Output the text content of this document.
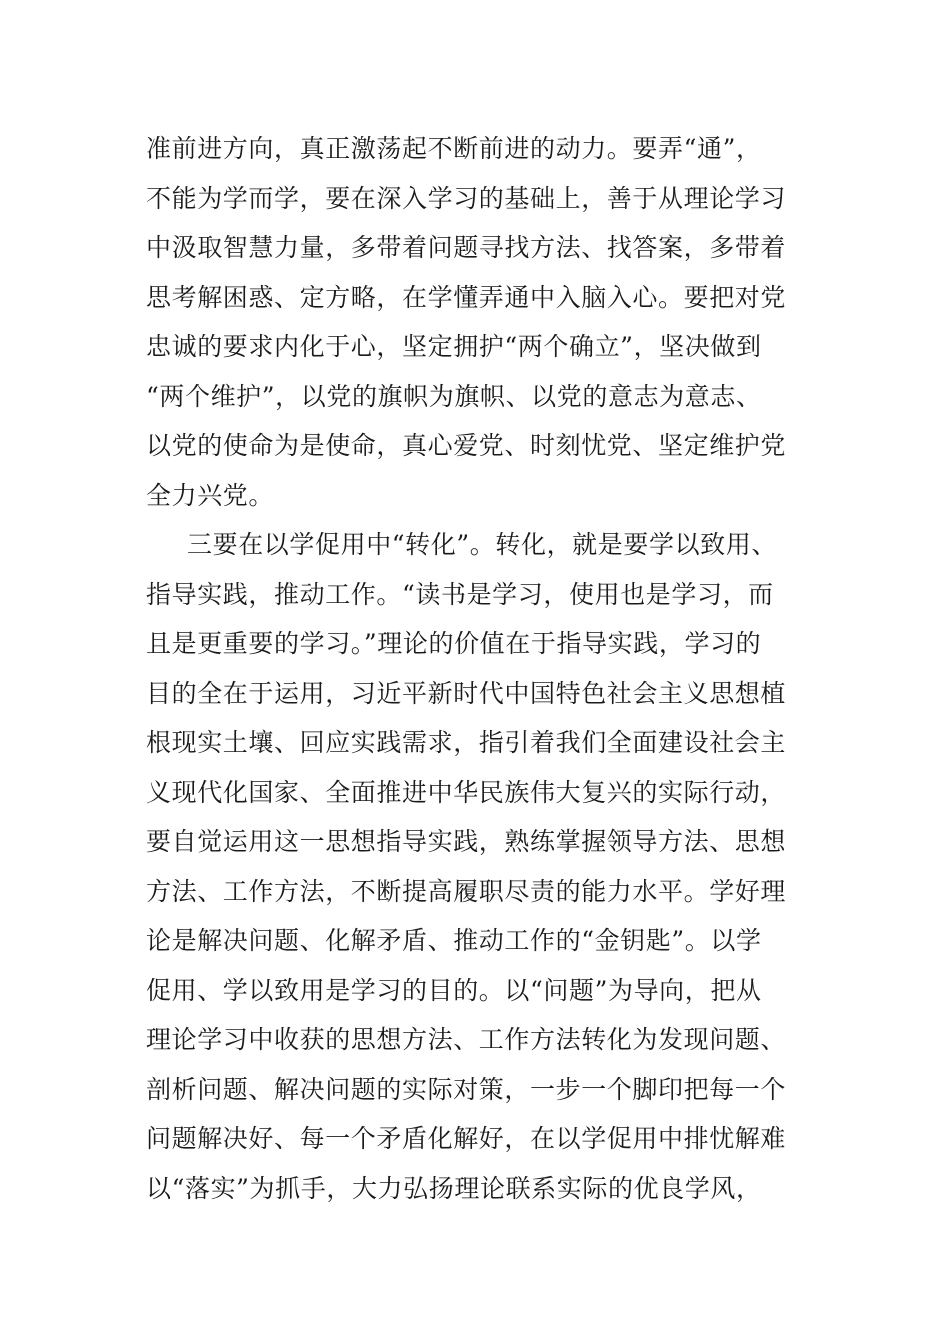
准前进方向，真正激荡起不断前进的动力。要弄“通”，
不能为学而学，要在深入学习的基础上，善于从理论学习
中汲取智慧力量，多带着问题寻找方法、找答案，多带着
思考解困惑、定方略，在学懂弄通中入脑入心。要把对党
忠诚的要求内化于心，坚定拥护“两个确立”，坚决做到
“两个维护”，以党的旗帜为旗帜、以党的意志为意志、
以党的使命为是使命，真心爱党、时刻忧党、坚定维护党
全力兴党。
三要在以学促用中“转化”。转化，就是要学以致用、
指导实践，推动工作。“读书是学习，使用也是学习，而
且是更重要的学习。”理论的价值在于指导实践，学习的
目的全在于运用，习近平新时代中国特色社会主义思想植
根现实土壤、回应实践需求，指引着我们全面建设社会主
义现代化国家、全面推进中华民族伟大复兴的实际行动，
要自觉运用这一思想指导实践，熟练掌握领导方法、思想
方法、工作方法，不断提高履职尽责的能力水平。学好理
论是解决问题、化解矛盾、推动工作的“金钥匙”。以学
促用、学以致用是学习的目的。以“问题”为导向，把从
理论学习中收获的思想方法、工作方法转化为发现问题、
剖析问题、解决问题的实际对策，一步一个脚印把每一个
问题解决好、每一个矛盾化解好，在以学促用中排忧解难
以“落实”为抓手，大力弘扬理论联系实际的优良学风，
